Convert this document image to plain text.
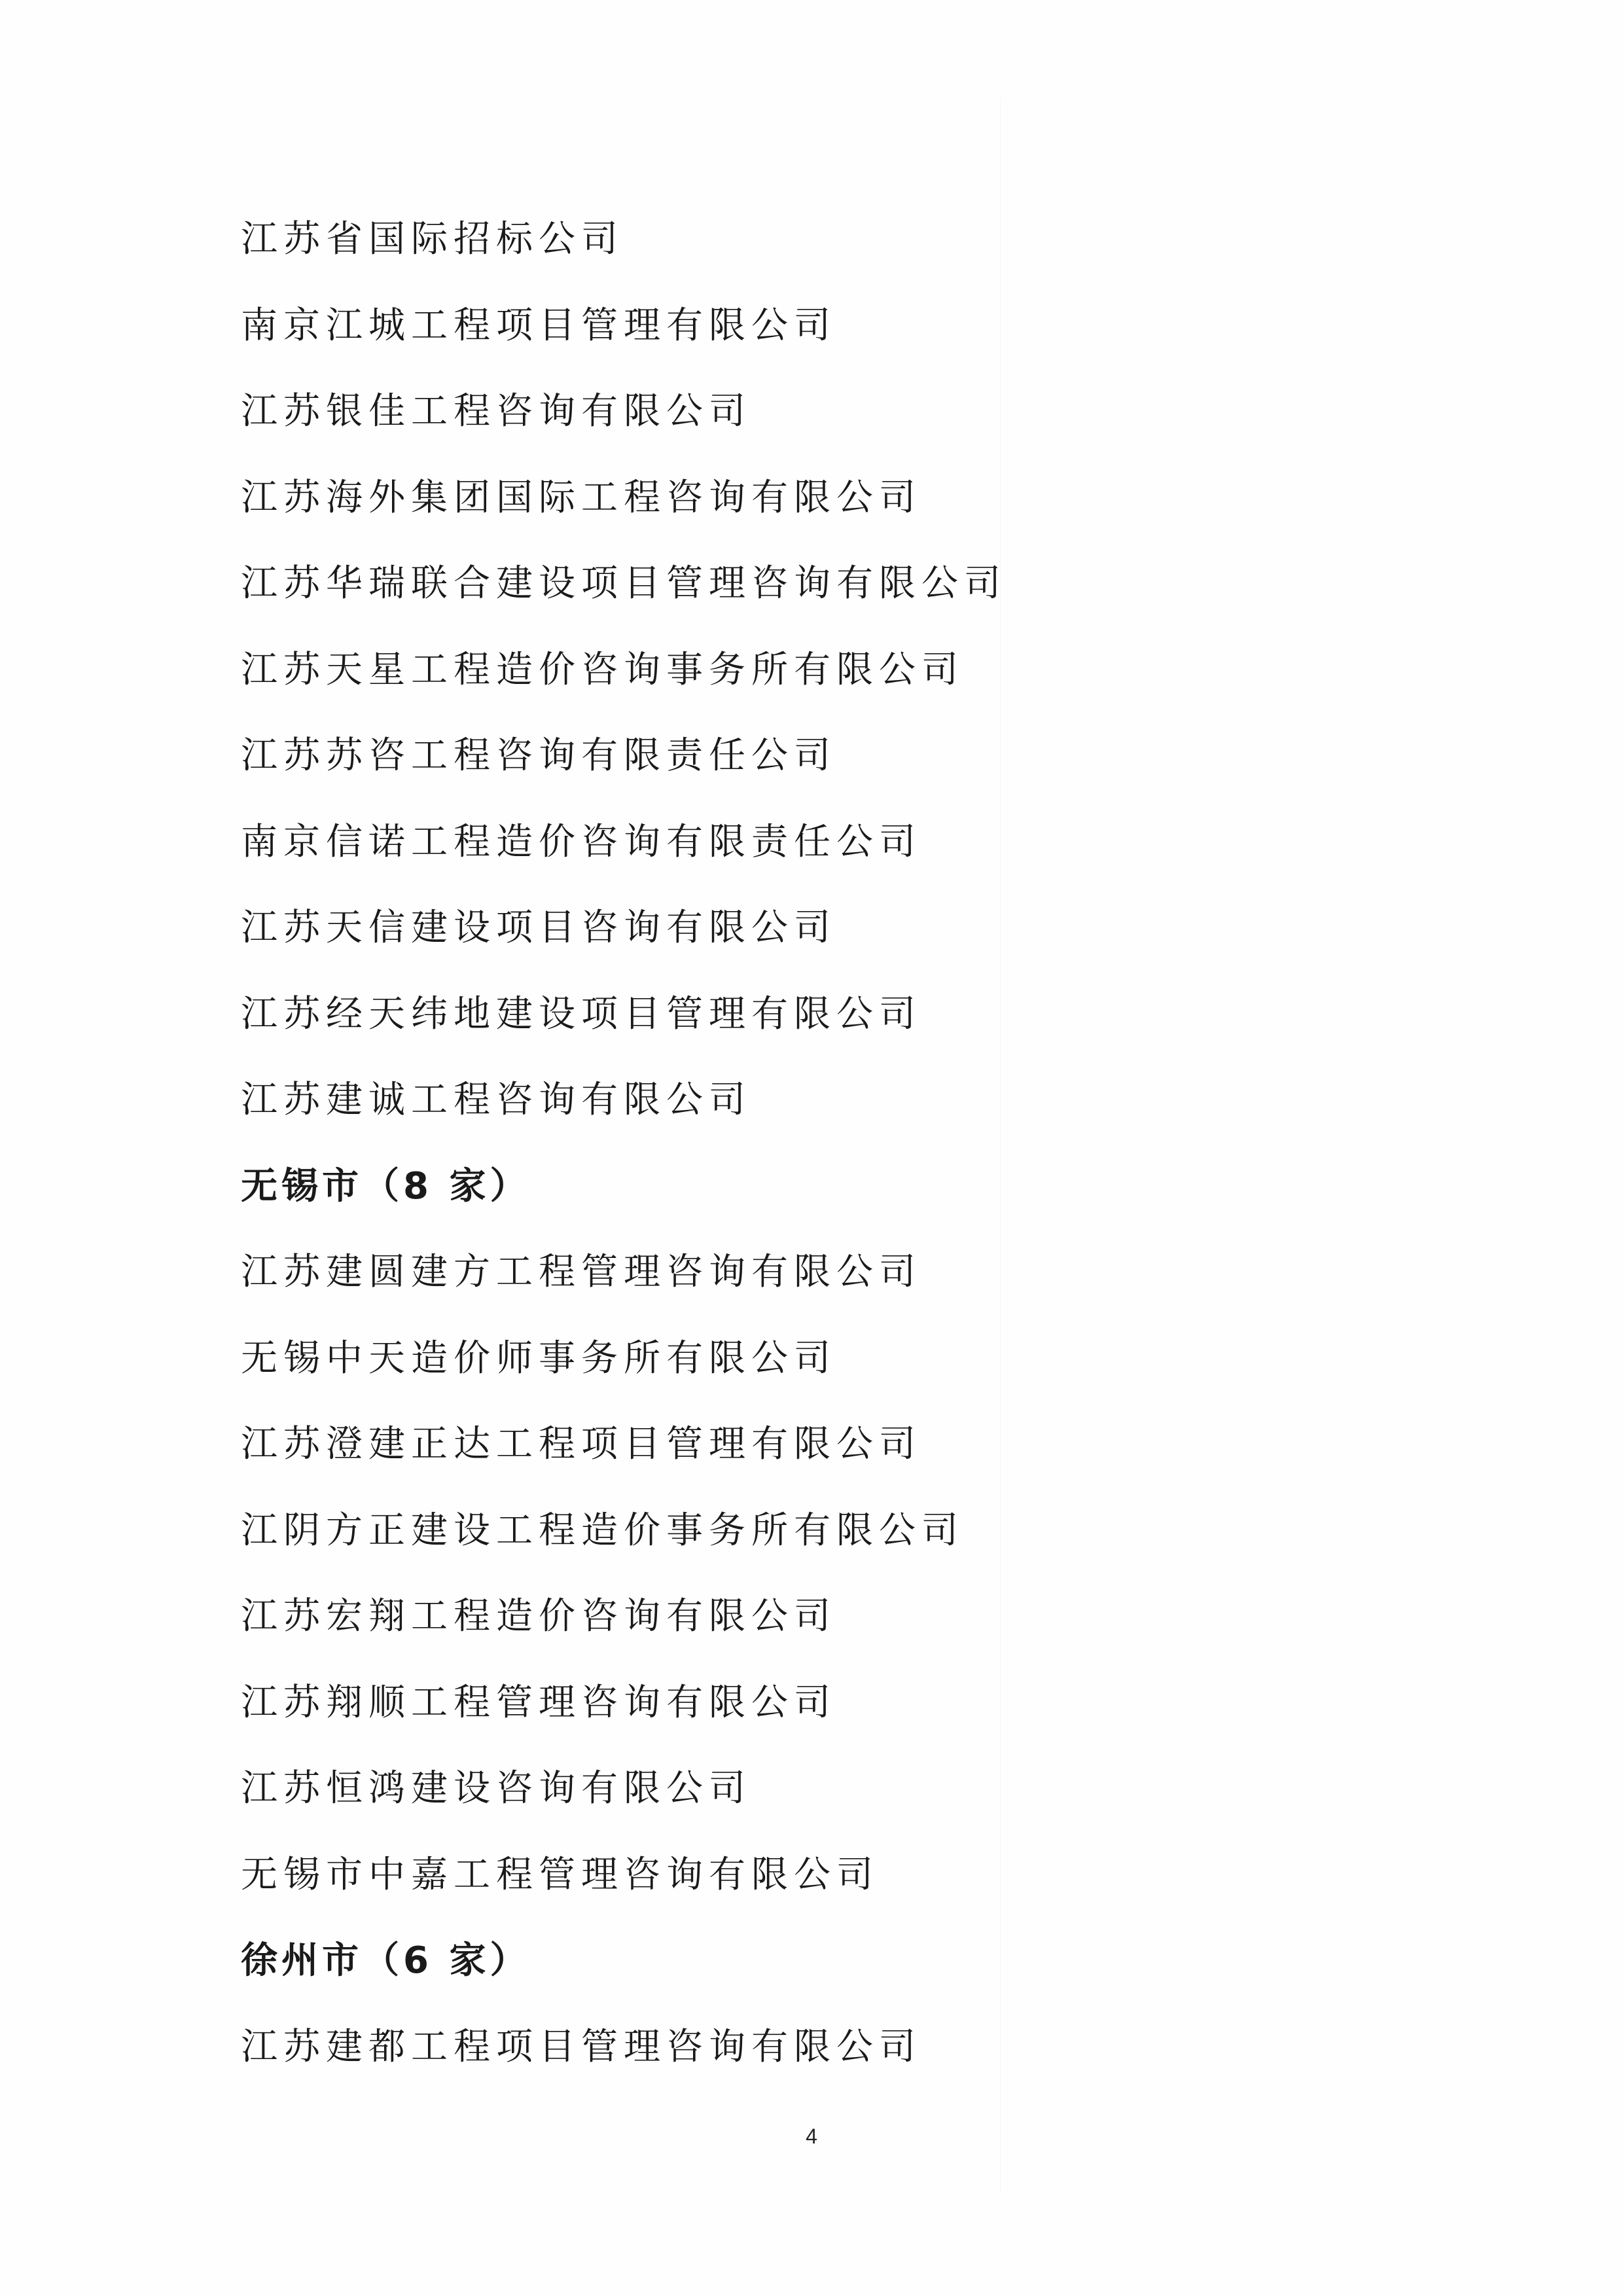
江苏省国际招标公司
南京江城工程项目管理有限公司
江苏银佳工程咨询有限公司
江苏海外集团国际工程咨询有限公司
江苏华瑞联合建设项目管理咨询有限公司
江苏天星工程造价咨询事务所有限公司
江苏苏咨工程咨询有限责任公司
南京信诺工程造价咨询有限责任公司
江苏天信建设项目咨询有限公司
江苏经天纬地建设项目管理有限公司
江苏建诚工程咨询有限公司
无锡市（8 家）
江苏建圆建方工程管理咨询有限公司
无锡中天造价师事务所有限公司
江苏澄建正达工程项目管理有限公司
江阴方正建设工程造价事务所有限公司
江苏宏翔工程造价咨询有限公司
江苏翔顺工程管理咨询有限公司
江苏恒鸿建设咨询有限公司
无锡市中嘉工程管理咨询有限公司
徐州市（6 家）
江苏建都工程项目管理咨询有限公司
4
